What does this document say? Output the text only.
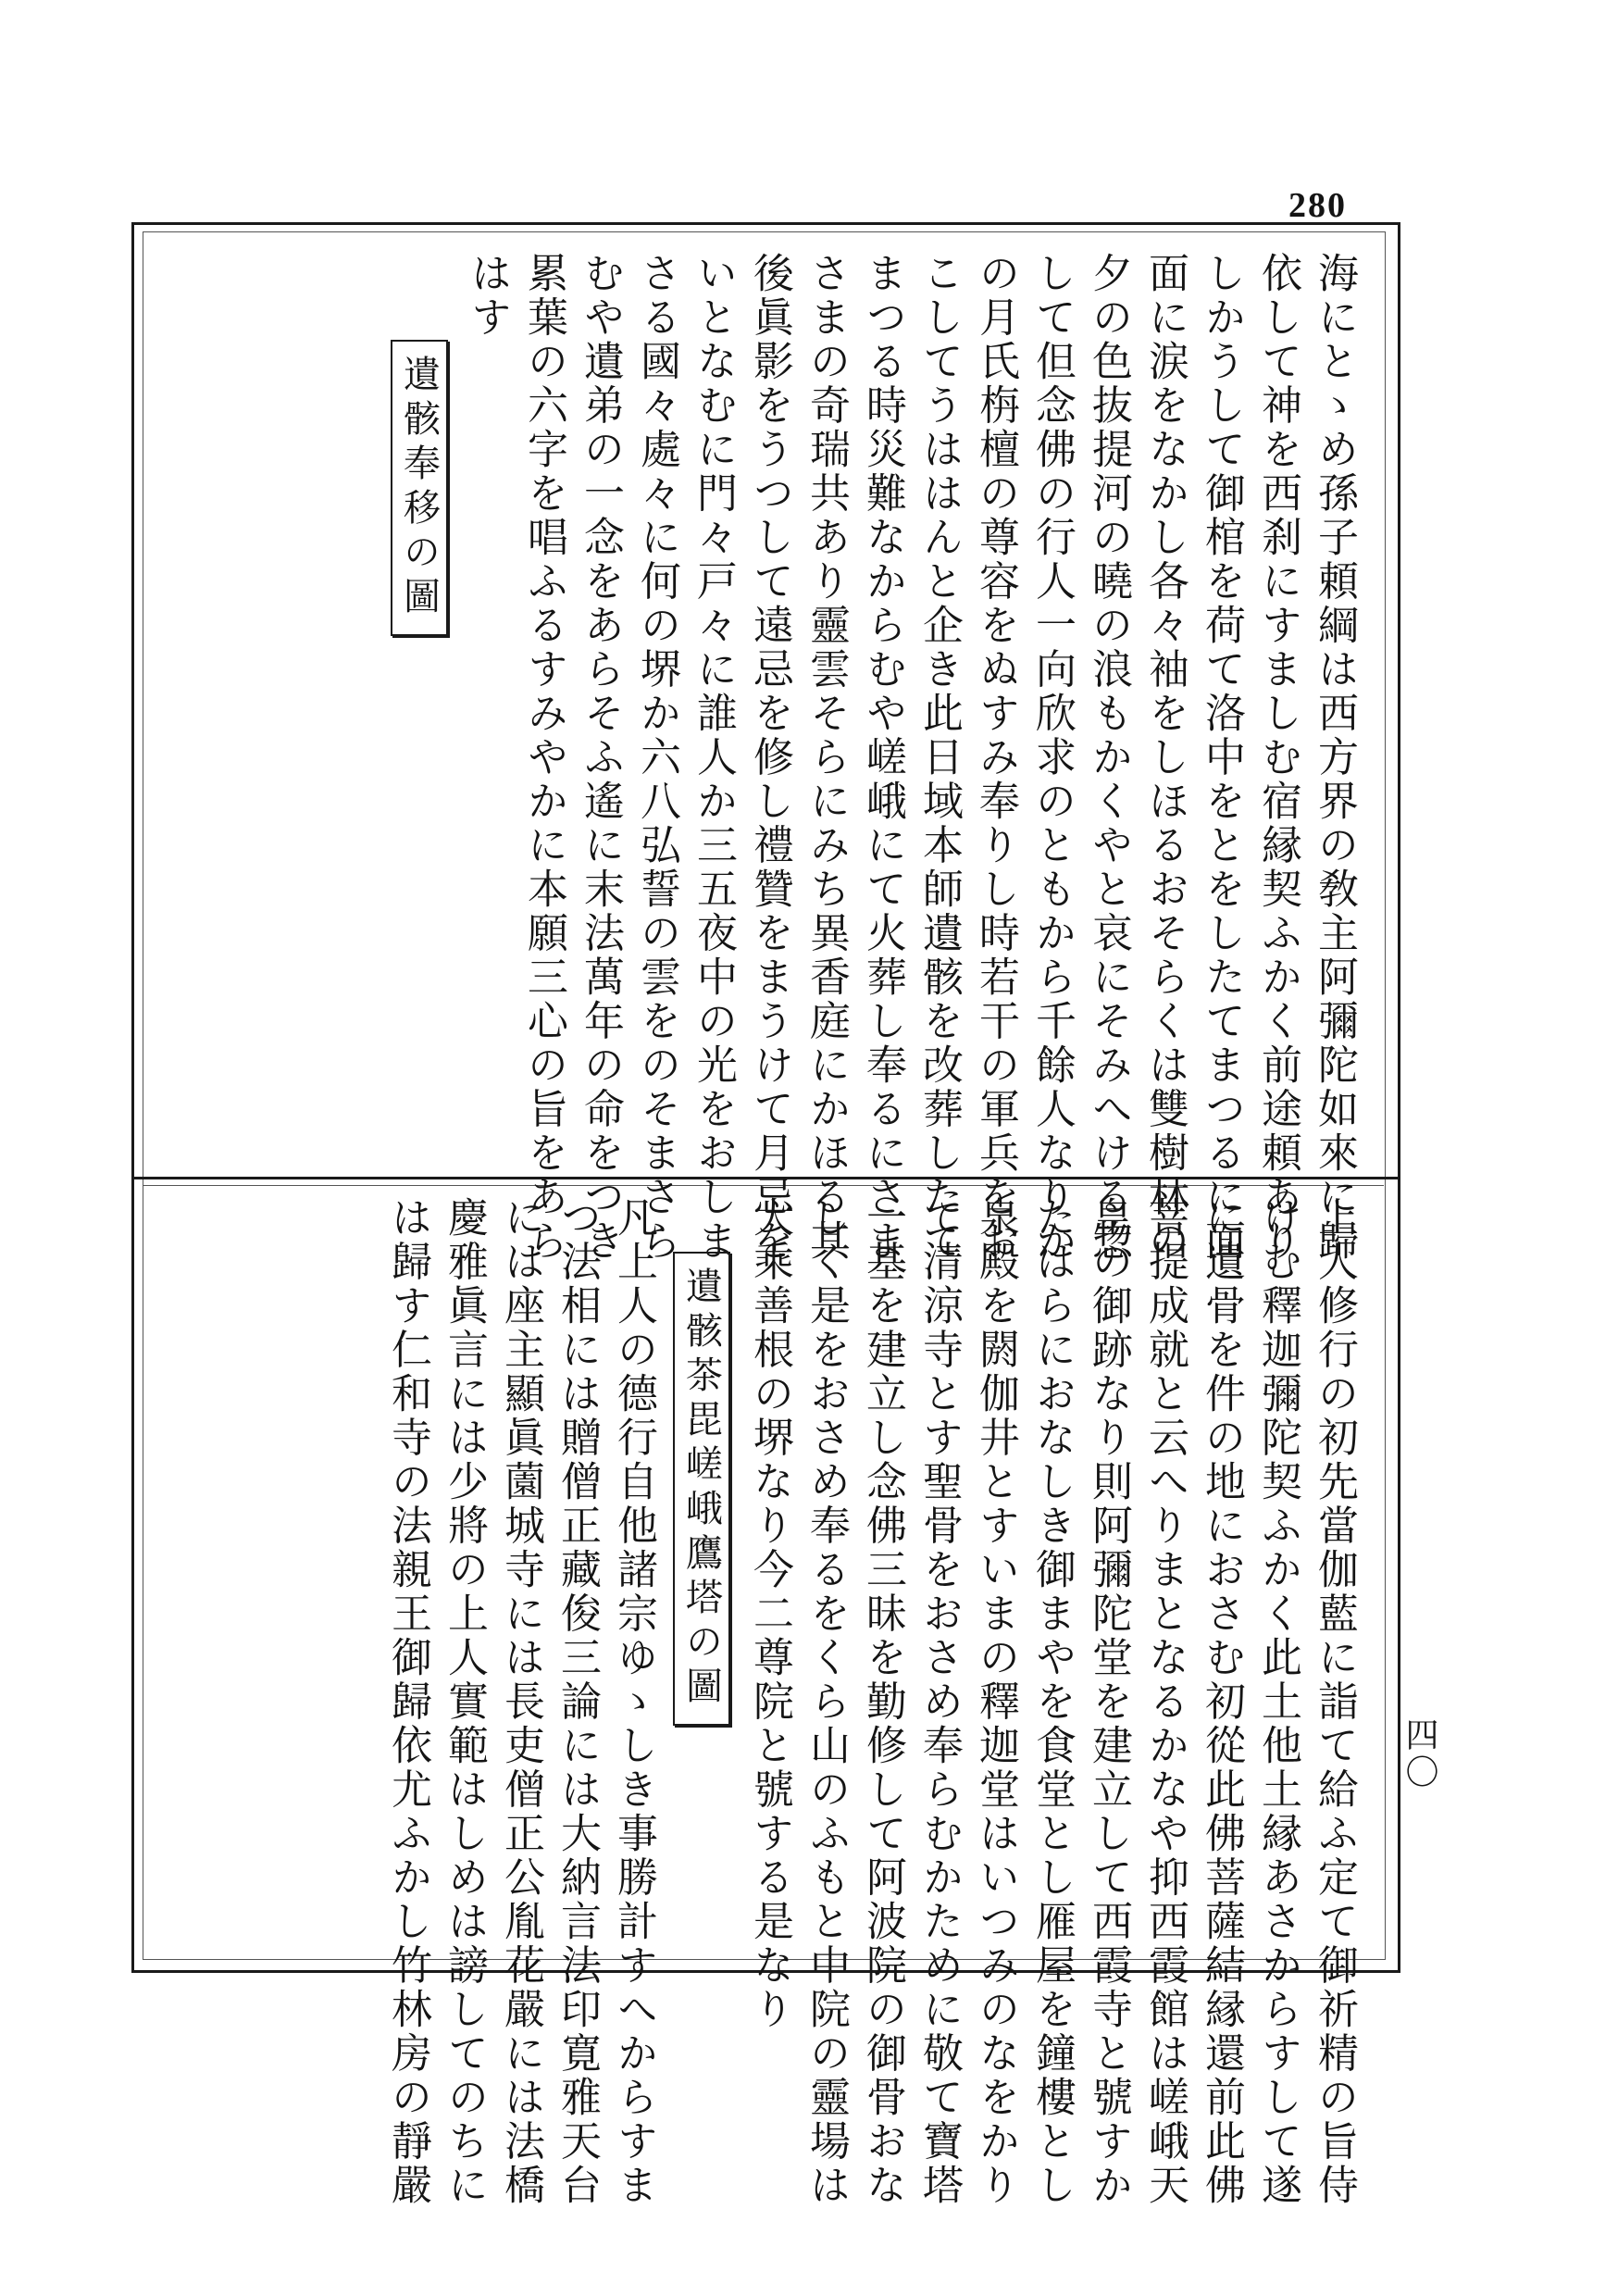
280
海にとゝめ孫子頼綱は西方界の敎主阿彌陀如來に歸
依して神を西刹にすましむ宿縁契ふかく前途頼あり
しかうして御棺を荷て洛中をとをしたてまつるに面
面に涙をなかし各々袖をしほるおそらくは雙樹林の
夕の色抜提河の曉の浪もかくやと哀にそみへける惣
して但念佛の行人一向欣求のともから千餘人なりか
の月氏栴檀の尊容をぬすみ奉りし時若干の軍兵をお
こしてうははんと企き此日域本師遺骸を改葬したて
まつる時災難なからむや嵯峨にて火葬し奉るにさま
さまの奇瑞共あり靈雲そらにみち異香庭にかほる其
後眞影をうつして遠忌を修し禮贊をまうけて月忌を
いとなむに門々戸々に誰人か三五夜中の光をおしま
さる國々處々に何の堺か六八弘誓の雲をのそまさら
むや遺弟の一念をあらそふ遙に末法萬年の命をつき
累葉の六字を唱ふるすみやかに本願三心の旨をあら
はす
遺骸奉移の圖
上人修行の初先當伽藍に詣て給ふ定て御祈精の旨侍
けむ釋迦彌陀契ふかく此土他土縁あさからすして遂
に遺骨を件の地におさむ初從此佛菩薩結縁還前此佛
菩提成就と云へりまとなるかなや抑西霞館は嵯峨天
皇の御跡なり則阿彌陀堂を建立して西霞寺と號すか
たはらにおなしき御まやを食堂とし雁屋を鐘樓とし
泉殿を閼伽井とすいまの釋迦堂はいつみのなをかり
て清涼寺とす聖骨をおさめ奉らむかために敬て寶塔
一基を建立し念佛三昧を勤修して阿波院の御骨おな
しく是をおさめ奉るをくら山のふもと中院の靈場は
大乘善根の堺なり今二尊院と號する是なり
遺骸茶毘嵯峨鷹塔の圖
凡上人の德行自他諸宗ゆゝしき事勝計すへからすま
つ法相には贈僧正藏俊三論には大納言法印寛雅天台
には座主顯眞薗城寺には長吏僧正公胤花嚴には法橋
慶雅眞言には少將の上人實範はしめは謗してのちに
は歸す仁和寺の法親王御歸依尤ふかし竹林房の靜嚴	四〇
